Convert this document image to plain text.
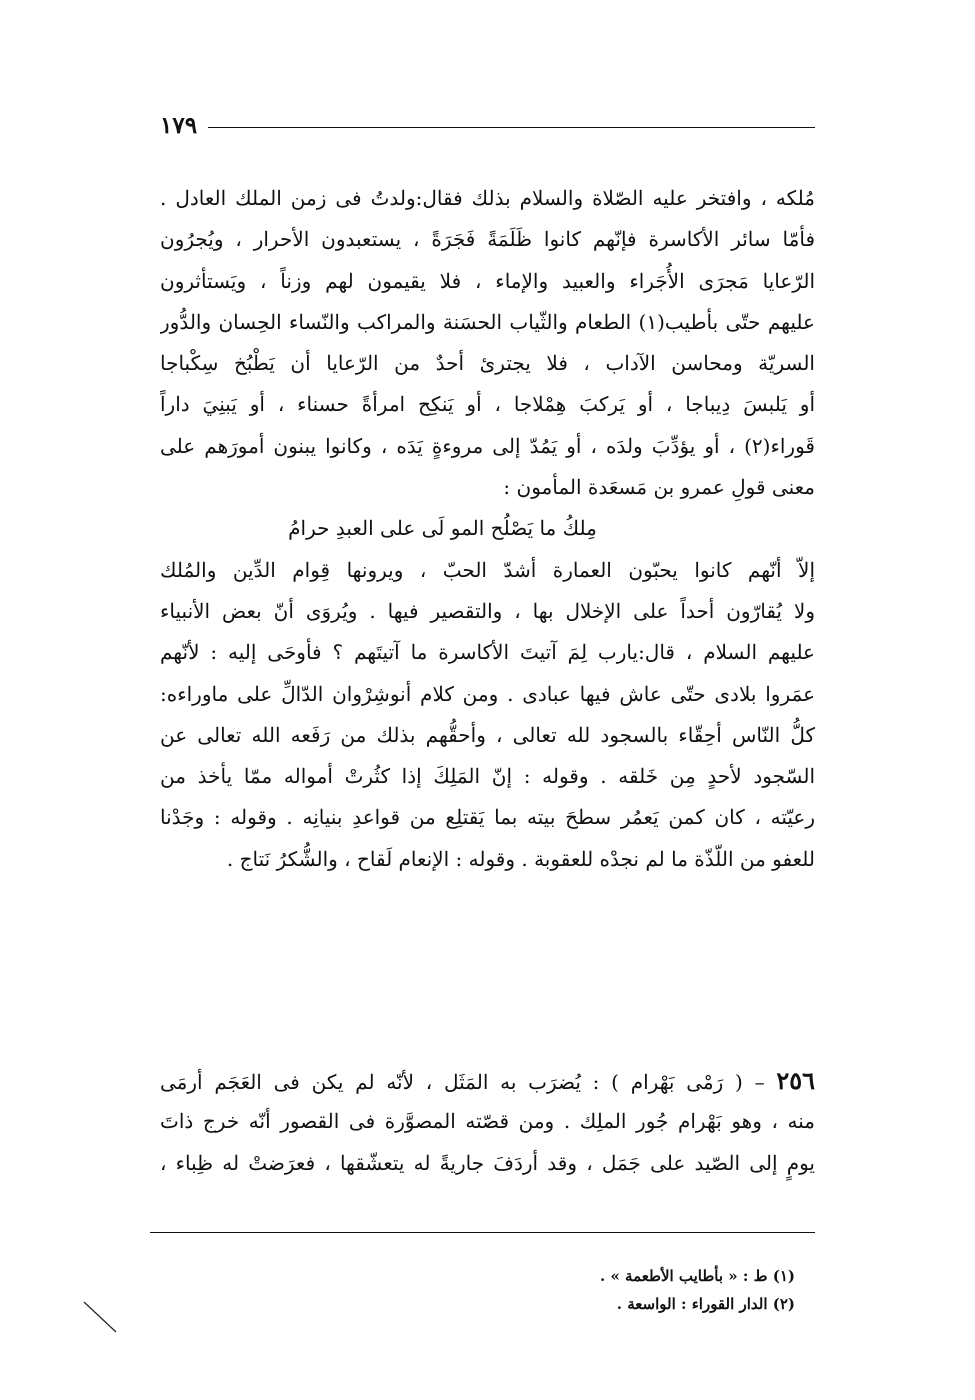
١٧٩
مُلكه ، وافتخر عليه الصّلاة والسلام بذلك فقال:ولدتُ فى زمن الملك العادل .
فأمّا سائر الأكاسرة فإنّهم كانوا ظَلَمَةً فَجَرَةً ، يستعبدون الأحرار ، ويُجرُون
الرّعايا مَجرَى الأُجَراء والعبيد والإماء ، فلا يقيمون لهم وزناً ، ويَستأثرون
عليهم حتّى بأطيب(١) الطعام والثّياب الحسَنة والمراكب والنّساء الحِسان والدُّور
السريّة ومحاسن الآداب ، فلا يجترئ أحدٌ من الرّعايا أن يَطْبُخ سِكْباجا
أو يَلبسَ دِيباجا ، أو يَركبَ هِمْلاجا ، أو يَنكِح امرأةً حسناء ، أو يَبنِيَ داراً
قَوراء(٢) ، أو يؤدِّبَ ولدَه ، أو يَمُدّ إلى مروءةٍ يَدَه ، وكانوا يبنون أمورَهم على
معنى قولِ عمرو بن مَسعَدة المأمون :
مِلكُ ما يَصْلُح المو لَى على العبدِ حرامُ
إلاّ أنّهم كانوا يحبّون العمارة أشدّ الحبّ ، ويرونها قِوام الدِّين والمُلك
ولا يُقارّون أحداً على الإخلال بها ، والتقصير فيها . ويُروَى أنّ بعض الأنبياء
عليهم السلام ، قال:يارب لِمَ آتيتَ الأكاسرة ما آتيتَهم ؟ فأوحَى إليه : لأنّهم
عمَروا بلادى حتّى عاش فيها عبادى . ومن كلام أنوشِرْوان الدّالِّ على ماوراءه:
كلُّ النّاس أحِقّاء بالسجود لله تعالى ، وأحقُّهم بذلك من رَفَعه الله تعالى عن
السّجود لأحدٍ مِن خَلقه . وقوله : إنّ المَلِكَ إذا كثُرتْ أمواله ممّا يأخذ من
رعيّته ، كان كمن يَعمُر سطحَ بيته بما يَقتلِع من قواعدِ بنيانِه . وقوله : وجَدْنا
للعفو من اللّذّة ما لم نجدْه للعقوبة . وقوله : الإنعام لَقاح ، والشُّكرُ نَتاج .
٢٥٦ – ( رَمْى بَهْرام ) : يُضرَب به المَثَل ، لأنّه لم يكن فى العَجَم أرمَى
منه ، وهو بَهْرام جُور الملِك . ومن قصّته المصوَّرة فى القصور أنّه خرج ذاتَ
يومٍ إلى الصّيد على جَمَل ، وقد أردَفَ جاريةً له يتعشّقها ، فعرَضتْ له ظِباء ،
(١) ط : « بأطايب الأطعمة » .
(٢) الدار القوراء : الواسعة .
